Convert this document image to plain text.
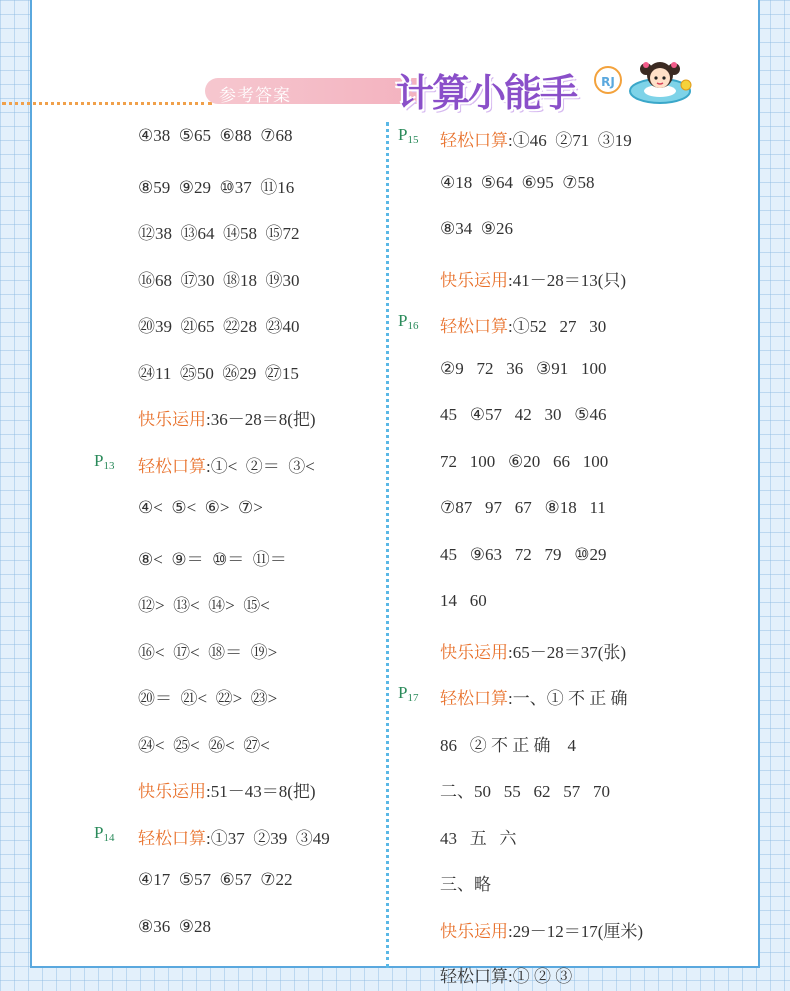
参考答案	计算小能手	RJ
轻松口算:① ② ③
④38  ⑤65  ⑥88  ⑦68
⑧59  ⑨29  ⑩37  ⑪16
⑫38  ⑬64  ⑭58  ⑮72
⑯68  ⑰30  ⑱18  ⑲30
⑳39  ㉑65  ㉒28  ㉓40
㉔11  ㉕50  ㉖29  ㉗15
快乐运用:36－28＝8(把)
$P_{13}$ 轻松口算:①<  ②＝  ③<
④<  ⑤<  ⑥>  ⑦>
⑧<  ⑨＝  ⑩＝  ⑪＝
⑫>  ⑬<  ⑭>  ⑮<
⑯<  ⑰<  ⑱＝  ⑲>
⑳＝  ㉑<  ㉒>  ㉓>
㉔<  ㉕<  ㉖<  ㉗<
快乐运用:51－43＝8(把)
$P_{14}$ 轻松口算:①37  ②39  ③49
④17  ⑤57  ⑥57  ⑦22
⑧36  ⑨28
$P_{15}$ 轻松口算:①46  ②71  ③19
④18  ⑤64  ⑥95  ⑦58
⑧34  ⑨26
快乐运用:41－28＝13(只)
$P_{16}$ 轻松口算:①52   27   30
②9   72   36   ③91   100
45   ④57   42   30   ⑤46
72   100   ⑥20   66   100
⑦87   97   67   ⑧18   11
45   ⑨63   72   79   ⑩29
14   60
快乐运用:65－28＝37(张)
$P_{17}$ 轻松口算:一、① 不 正 确
86   ② 不 正 确    4
二、50   55   62   57   70
43   五   六
三、略
快乐运用:29－12＝17(厘米)
